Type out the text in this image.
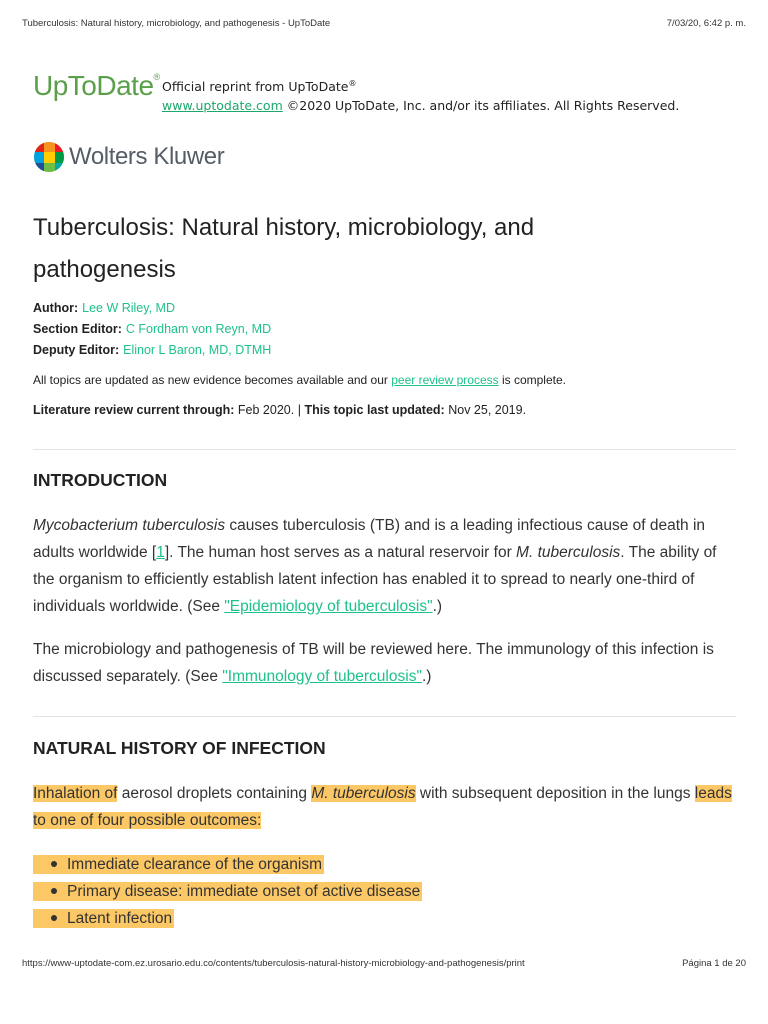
Tuberculosis: Natural history, microbiology, and pathogenesis - UpToDate	7/03/20, 6:42 p. m.
UpToDate®
Official reprint from UpToDate®
www.uptodate.com ©2020 UpToDate, Inc. and/or its affiliates. All Rights Reserved.
Wolters Kluwer
Tuberculosis: Natural history, microbiology, and pathogenesis
Author: Lee W Riley, MD
Section Editor: C Fordham von Reyn, MD
Deputy Editor: Elinor L Baron, MD, DTMH
All topics are updated as new evidence becomes available and our peer review process is complete.
Literature review current through: Feb 2020. | This topic last updated: Nov 25, 2019.
INTRODUCTION

Mycobacterium tuberculosis causes tuberculosis (TB) and is a leading infectious cause of death in adults worldwide [1]. The human host serves as a natural reservoir for M. tuberculosis. The ability of the organism to efficiently establish latent infection has enabled it to spread to nearly one-third of individuals worldwide. (See "Epidemiology of tuberculosis".)

The microbiology and pathogenesis of TB will be reviewed here. The immunology of this infection is discussed separately. (See "Immunology of tuberculosis".)

NATURAL HISTORY OF INFECTION

Inhalation of aerosol droplets containing M. tuberculosis with subsequent deposition in the lungs leads to one of four possible outcomes:

Immediate clearance of the organism
Primary disease: immediate onset of active disease
Latent infection
https://www-uptodate-com.ez.urosario.edu.co/contents/tuberculosis-natural-history-microbiology-and-pathogenesis/print	Página 1 de 20
